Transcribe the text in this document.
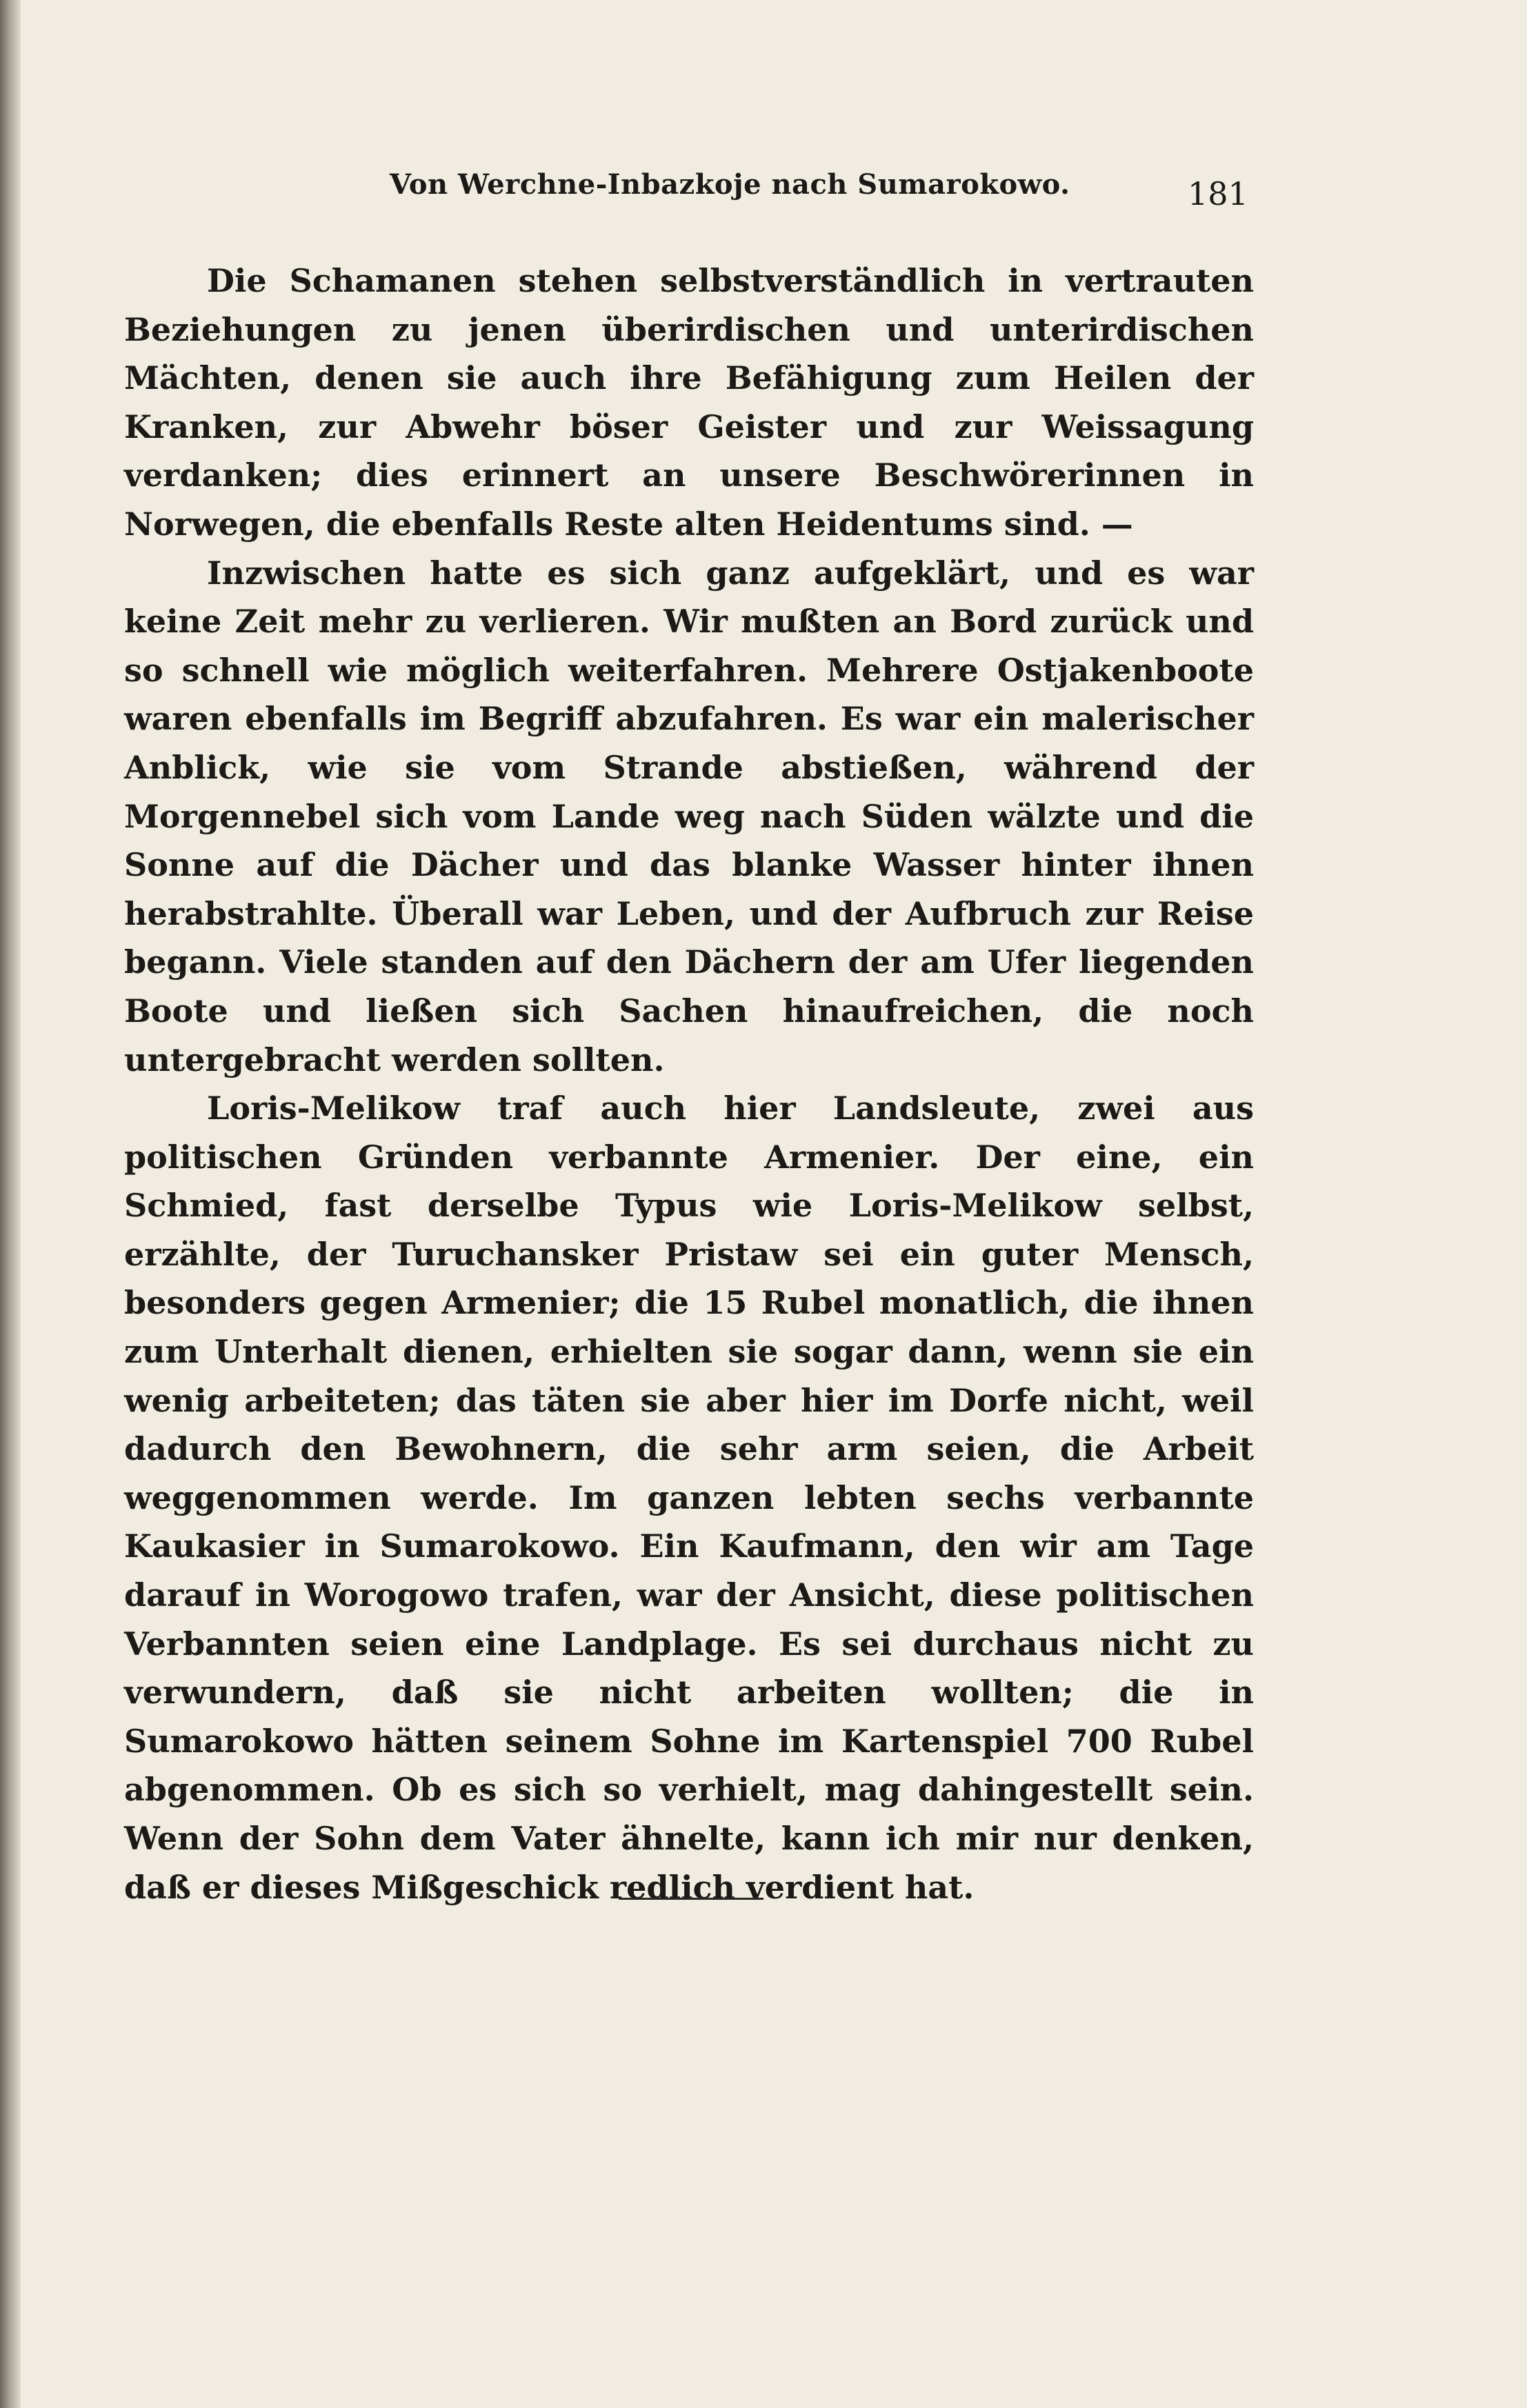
Von Werchne-Inbazkoje nach Sumarokowo.	181

Die Schamanen stehen selbstverständlich in vertrauten Beziehungen zu jenen überirdischen und unterirdischen Mächten, denen sie auch ihre Befähigung zum Heilen der Kranken, zur Abwehr böser Geister und zur Weissagung verdanken; dies erinnert an unsere Beschwörerinnen in Norwegen, die ebenfalls Reste alten Heidentums sind. —

Inzwischen hatte es sich ganz aufgeklärt, und es war keine Zeit mehr zu verlieren. Wir mußten an Bord zurück und so schnell wie möglich weiterfahren. Mehrere Ostjakenboote waren ebenfalls im Begriff abzufahren. Es war ein malerischer Anblick, wie sie vom Strande abstießen, während der Morgennebel sich vom Lande weg nach Süden wälzte und die Sonne auf die Dächer und das blanke Wasser hinter ihnen herabstrahlte. Überall war Leben, und der Aufbruch zur Reise begann. Viele standen auf den Dächern der am Ufer liegenden Boote und ließen sich Sachen hinaufreichen, die noch untergebracht werden sollten.

Loris-Melikow traf auch hier Landsleute, zwei aus politischen Gründen verbannte Armenier. Der eine, ein Schmied, fast derselbe Typus wie Loris-Melikow selbst, erzählte, der Turuchansker Pristaw sei ein guter Mensch, besonders gegen Armenier; die 15 Rubel monatlich, die ihnen zum Unterhalt dienen, erhielten sie sogar dann, wenn sie ein wenig arbeiteten; das täten sie aber hier im Dorfe nicht, weil dadurch den Bewohnern, die sehr arm seien, die Arbeit weggenommen werde. Im ganzen lebten sechs verbannte Kaukasier in Sumarokowo. Ein Kaufmann, den wir am Tage darauf in Worogowo trafen, war der Ansicht, diese politischen Verbannten seien eine Landplage. Es sei durchaus nicht zu verwundern, daß sie nicht arbeiten wollten; die in Sumarokowo hätten seinem Sohne im Kartenspiel 700 Rubel abgenommen. Ob es sich so verhielt, mag dahingestellt sein. Wenn der Sohn dem Vater ähnelte, kann ich mir nur denken, daß er dieses Mißgeschick redlich verdient hat.
